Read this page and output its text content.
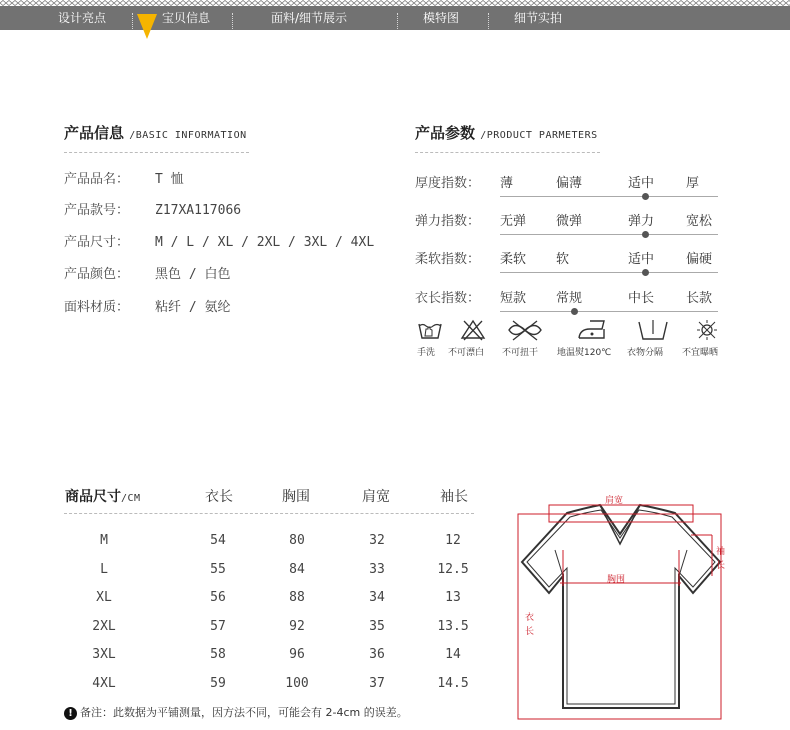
设计亮点	宝贝信息	面料/细节展示	模特图	细节实拍
产品信息 /BASIC INFORMATION
产品品名： T 恤
产品款号： Z17XA117066
产品尺寸： M / L / XL / 2XL / 3XL / 4XL
产品颜色： 黑色 / 白色
面料材质： 粘纤 / 氨纶
产品参数 /PRODUCT PARMETERS
厚度指数： 薄	偏薄	适中 厚
弹力指数： 无弹 微弹	弹力 宽松
柔软指数： 柔软 软	适中 偏硬
衣长指数： 短款 常规	中长 长款
手洗 不可漂白 不可扭干 地温熨120℃ 衣物分隔 不宜曝晒
商品尺寸/CM	衣长	胸围	肩宽	袖长
M	54	80	32	12
L	55	84	33	12.5
XL	56	88	34	13
2XL	57	92	35	13.5
3XL	58	96	36	14
4XL	59	100	37	14.5
! 备注：此数据为平铺测量，因方法不同，可能会有 2-4cm 的误差。
肩宽
胸围
衣
长
袖
长
